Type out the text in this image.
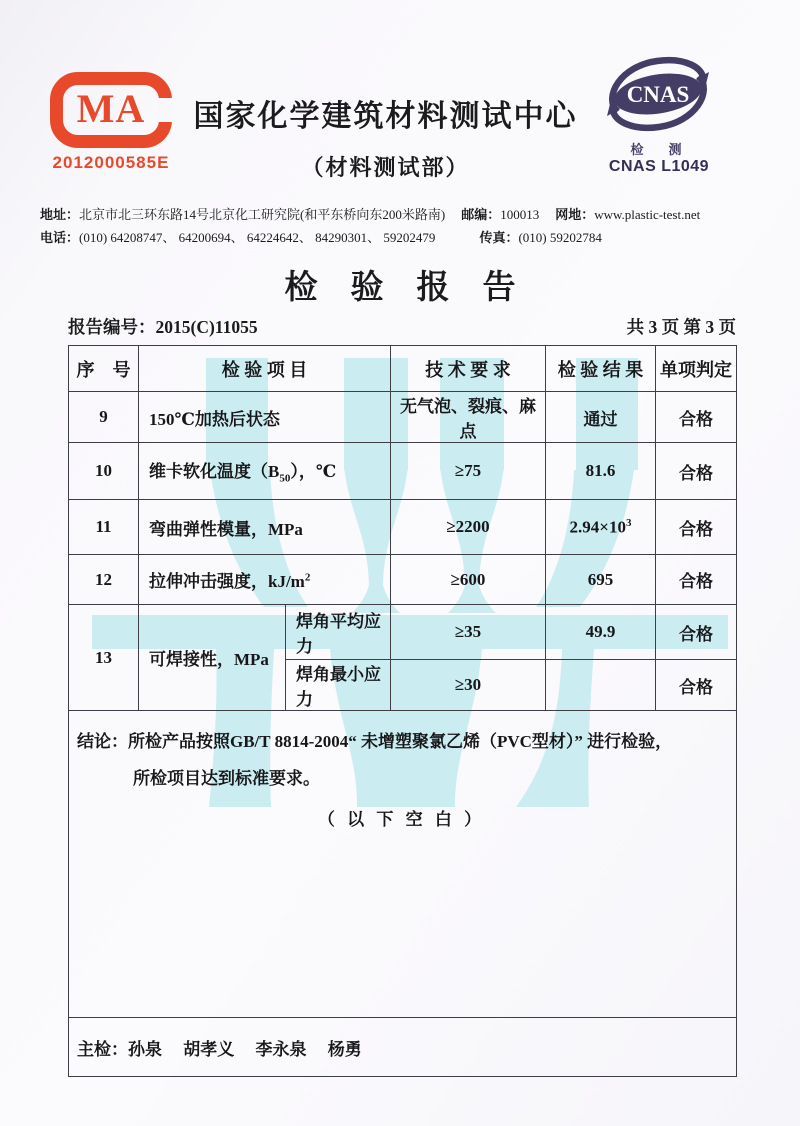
MA
2012000585E
国家化学建筑材料测试中心
（材料测试部）
CNAS
检　测
CNAS L1049
地址：北京市北三环东路14号北京化工研究院(和平东桥向东200米路南) 邮编：100013 网地：www.plastic-test.net
电话：(010) 64208747、 64200694、 64224642、 84290301、 59202479	传真：(010) 59202784
检　验　报　告
报告编号：2015(C)11055	共 3 页 第 3 页
序　号	检 验 项 目		技 术 要 求	检 验 结 果	单项判定
9	150℃加热后状态		无气泡、裂痕、麻点	通过	合格
10	维卡软化温度$(B_{50})$，℃		≥75	81.6	合格
11	弯曲弹性模量，MPa		≥2200	$2.94\times 10^3$	合格
12	拉伸冲击强度，$kJ/m^2$		≥600	695	合格
13	可焊接性，MPa	焊角平均应力	≥35	49.9	合格
		焊角最小应力	≥30		合格

结论：所检产品按照GB/T 8814-2004“ 未增塑聚氯乙烯（PVC型材）” 进行检验，
所检项目达到标准要求。
（ 以 下 空 白 ）					

主检：孙泉　 胡孝义　 李永泉　 杨勇					
